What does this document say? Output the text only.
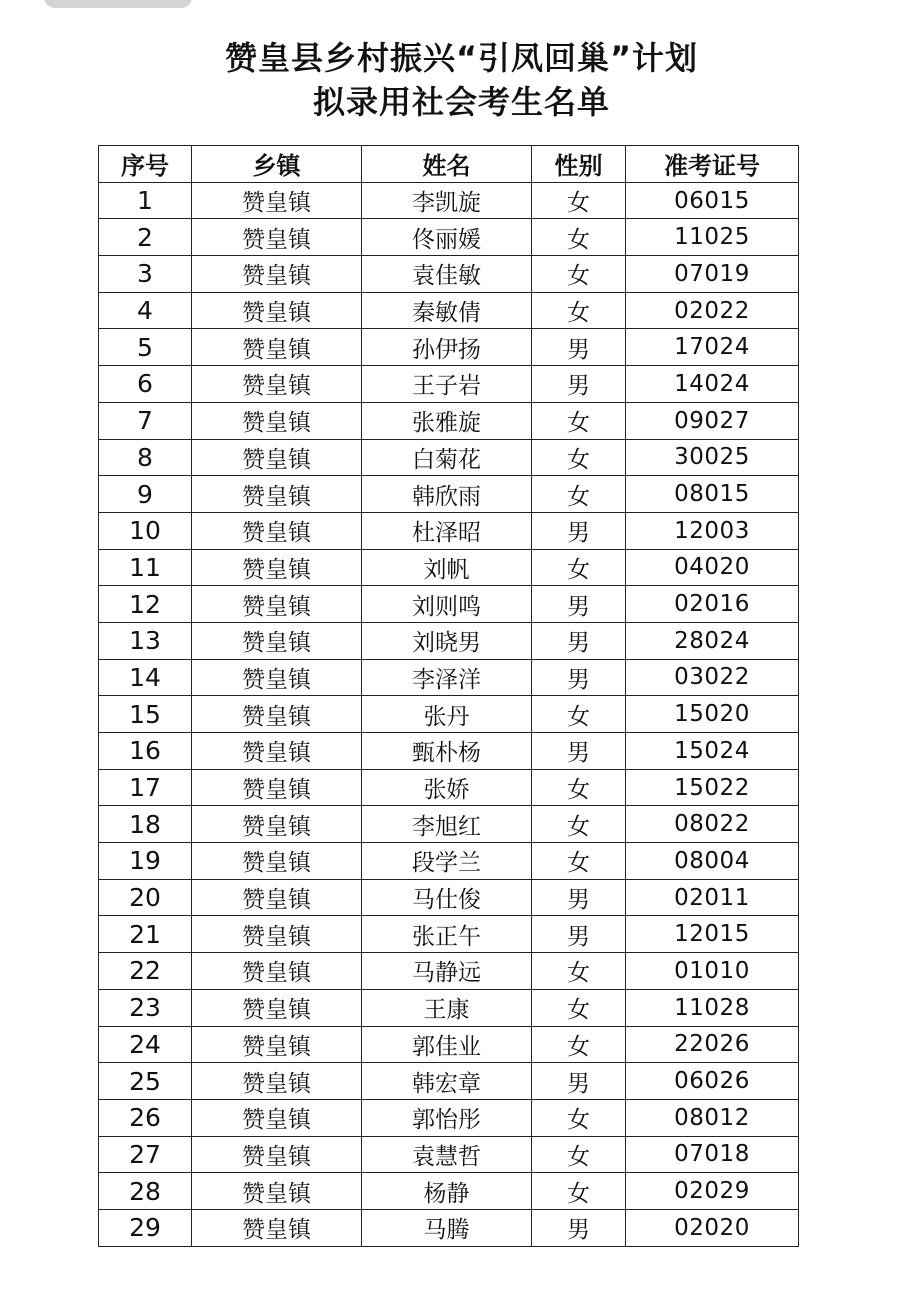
赞皇县乡村振兴“引凤回巢”计划
拟录用社会考生名单
序号	乡镇	姓名	性别	准考证号
1	赞皇镇	李凯旋	女	06015
2	赞皇镇	佟丽媛	女	11025
3	赞皇镇	袁佳敏	女	07019
4	赞皇镇	秦敏倩	女	02022
5	赞皇镇	孙伊扬	男	17024
6	赞皇镇	王子岩	男	14024
7	赞皇镇	张雅旋	女	09027
8	赞皇镇	白菊花	女	30025
9	赞皇镇	韩欣雨	女	08015
10	赞皇镇	杜泽昭	男	12003
11	赞皇镇	刘帆	女	04020
12	赞皇镇	刘则鸣	男	02016
13	赞皇镇	刘晓男	男	28024
14	赞皇镇	李泽洋	男	03022
15	赞皇镇	张丹	女	15020
16	赞皇镇	甄朴杨	男	15024
17	赞皇镇	张娇	女	15022
18	赞皇镇	李旭红	女	08022
19	赞皇镇	段学兰	女	08004
20	赞皇镇	马仕俊	男	02011
21	赞皇镇	张正午	男	12015
22	赞皇镇	马静远	女	01010
23	赞皇镇	王康	女	11028
24	赞皇镇	郭佳业	女	22026
25	赞皇镇	韩宏章	男	06026
26	赞皇镇	郭怡彤	女	08012
27	赞皇镇	袁慧哲	女	07018
28	赞皇镇	杨静	女	02029
29	赞皇镇	马腾	男	02020
